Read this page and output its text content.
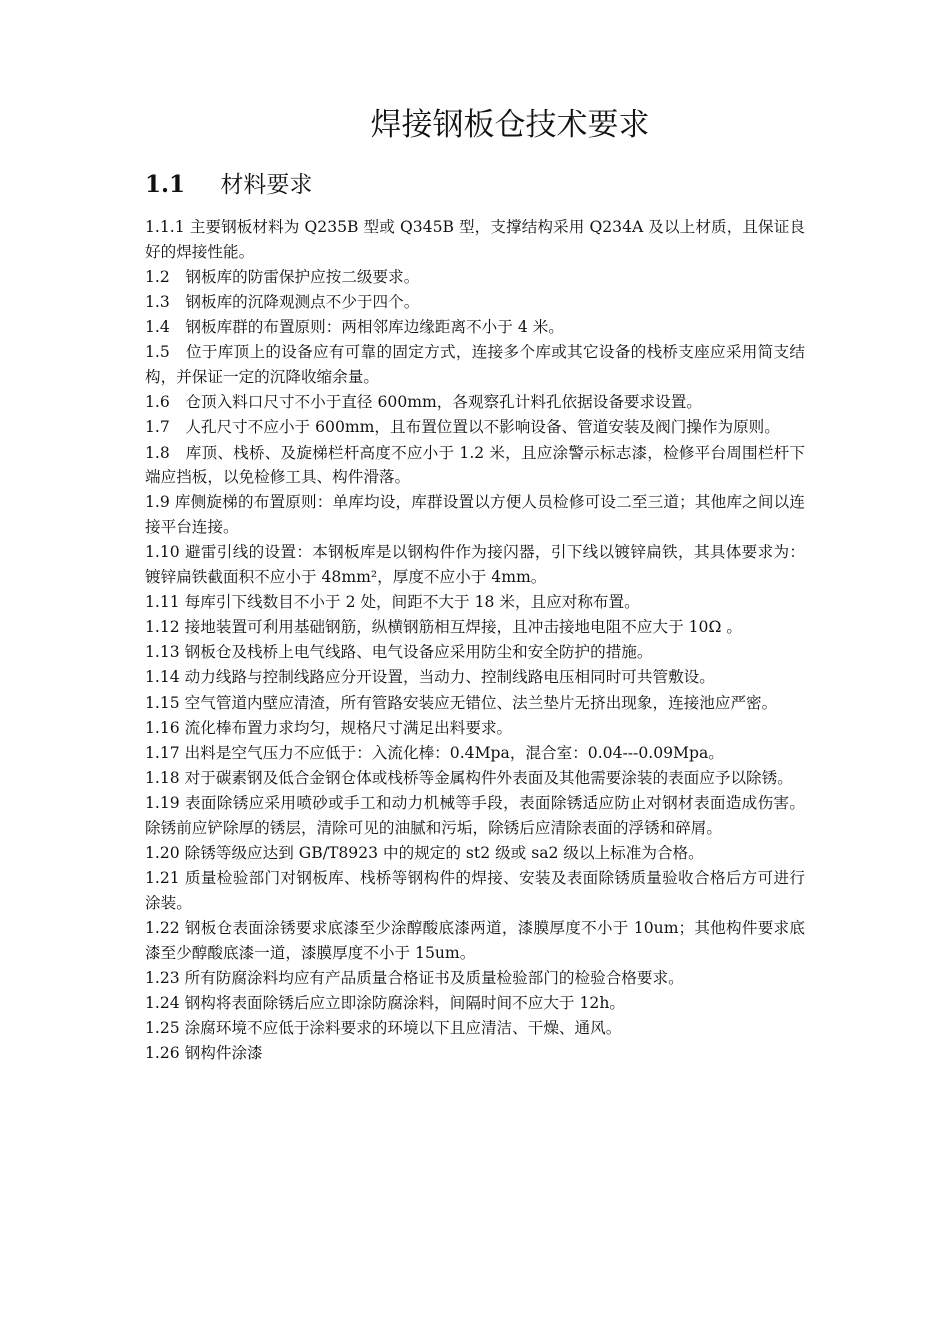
焊接钢板仓技术要求
1.1 材料要求

1.1.1 主要钢板材料为 Q235B 型或 Q345B 型，支撑结构采用 Q234A 及以上材质，且保证良好的焊接性能。

1.2　钢板库的防雷保护应按二级要求。

1.3　钢板库的沉降观测点不少于四个。

1.4　钢板库群的布置原则：两相邻库边缘距离不小于 4 米。

1.5　位于库顶上的设备应有可靠的固定方式，连接多个库或其它设备的栈桥支座应采用简支结构，并保证一定的沉降收缩余量。

1.6　仓顶入料口尺寸不小于直径 600mm，各观察孔计料孔依据设备要求设置。

1.7　人孔尺寸不应小于 600mm，且布置位置以不影响设备、管道安装及阀门操作为原则。

1.8　库顶、栈桥、及旋梯栏杆高度不应小于 1.2 米，且应涂警示标志漆，检修平台周围栏杆下端应挡板，以免检修工具、构件滑落。

1.9 库侧旋梯的布置原则：单库均设，库群设置以方便人员检修可设二至三道；其他库之间以连接平台连接。

1.10 避雷引线的设置：本钢板库是以钢构件作为接闪器，引下线以镀锌扁铁，其具体要求为：镀锌扁铁截面积不应小于 48mm²，厚度不应小于 4mm。

1.11 每库引下线数目不小于 2 处，间距不大于 18 米，且应对称布置。

1.12 接地装置可利用基础钢筋，纵横钢筋相互焊接，且冲击接地电阻不应大于 10Ω 。

1.13 钢板仓及栈桥上电气线路、电气设备应采用防尘和安全防护的措施。

1.14 动力线路与控制线路应分开设置，当动力、控制线路电压相同时可共管敷设。

1.15 空气管道内壁应清渣，所有管路安装应无错位、法兰垫片无挤出现象，连接池应严密。

1.16 流化棒布置力求均匀，规格尺寸满足出料要求。

1.17 出料是空气压力不应低于：入流化棒：0.4Mpa，混合室：0.04---0.09Mpa。

1.18 对于碳素钢及低合金钢仓体或栈桥等金属构件外表面及其他需要涂装的表面应予以除锈。

1.19 表面除锈应采用喷砂或手工和动力机械等手段，表面除锈适应防止对钢材表面造成伤害。除锈前应铲除厚的锈层，清除可见的油腻和污垢，除锈后应清除表面的浮锈和碎屑。

1.20 除锈等级应达到 GB/T8923 中的规定的 st2 级或 sa2 级以上标准为合格。

1.21 质量检验部门对钢板库、栈桥等钢构件的焊接、安装及表面除锈质量验收合格后方可进行涂装。

1.22 钢板仓表面涂锈要求底漆至少涂醇酸底漆两道，漆膜厚度不小于 10um；其他构件要求底漆至少醇酸底漆一道，漆膜厚度不小于 15um。

1.23 所有防腐涂料均应有产品质量合格证书及质量检验部门的检验合格要求。

1.24 钢构将表面除锈后应立即涂防腐涂料，间隔时间不应大于 12h。

1.25 涂腐环境不应低于涂料要求的环境以下且应清洁、干燥、通风。

1.26 钢构件涂漆
